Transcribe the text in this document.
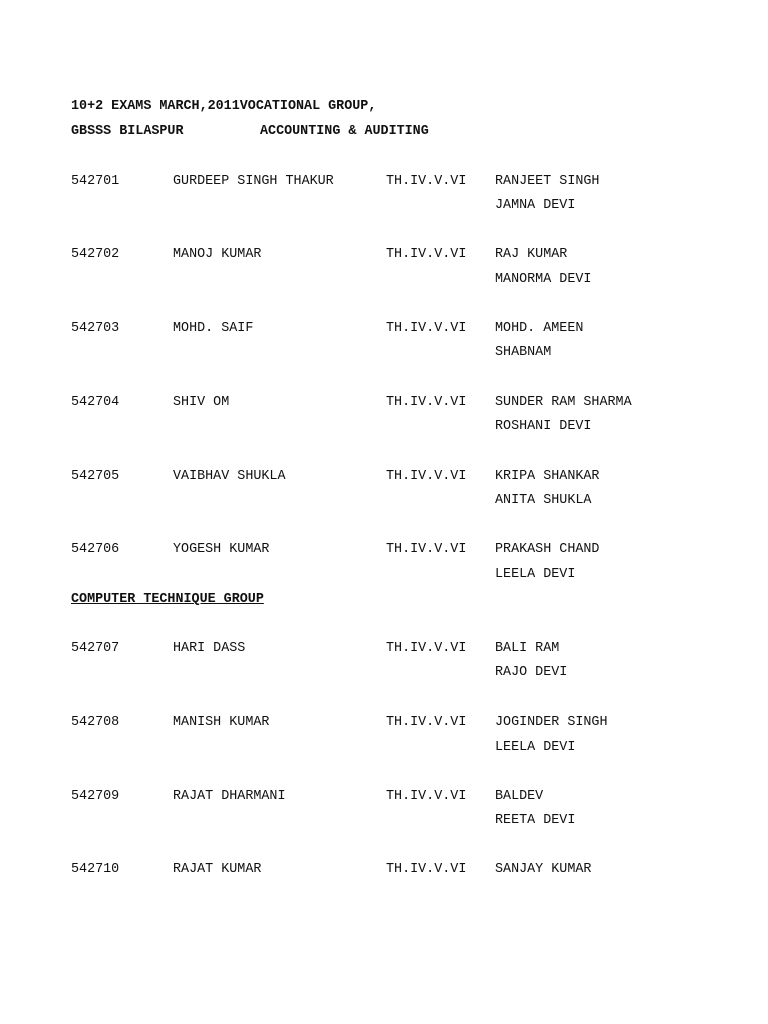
10+2 EXAMS MARCH,2011VOCATIONAL GROUP,
GBSSS BILASPUR	ACCOUNTING & AUDITING
542701	GURDEEP SINGH THAKUR	TH.IV.V.VI RANJEET SINGH
JAMNA DEVI
542702	MANOJ KUMAR	TH.IV.V.VI RAJ KUMAR
MANORMA DEVI
542703	MOHD. SAIF	TH.IV.V.VI MOHD. AMEEN
SHABNAM
542704	SHIV OM	TH.IV.V.VI SUNDER RAM SHARMA
ROSHANI DEVI
542705	VAIBHAV SHUKLA	TH.IV.V.VI KRIPA SHANKAR
ANITA SHUKLA
542706	YOGESH KUMAR	TH.IV.V.VI PRAKASH CHAND
LEELA DEVI
COMPUTER TECHNIQUE GROUP
542707	HARI DASS	TH.IV.V.VI BALI RAM
RAJO DEVI
542708	MANISH KUMAR	TH.IV.V.VI JOGINDER SINGH
LEELA DEVI
542709	RAJAT DHARMANI	TH.IV.V.VI BALDEV
REETA DEVI
542710	RAJAT KUMAR	TH.IV.V.VI SANJAY KUMAR
